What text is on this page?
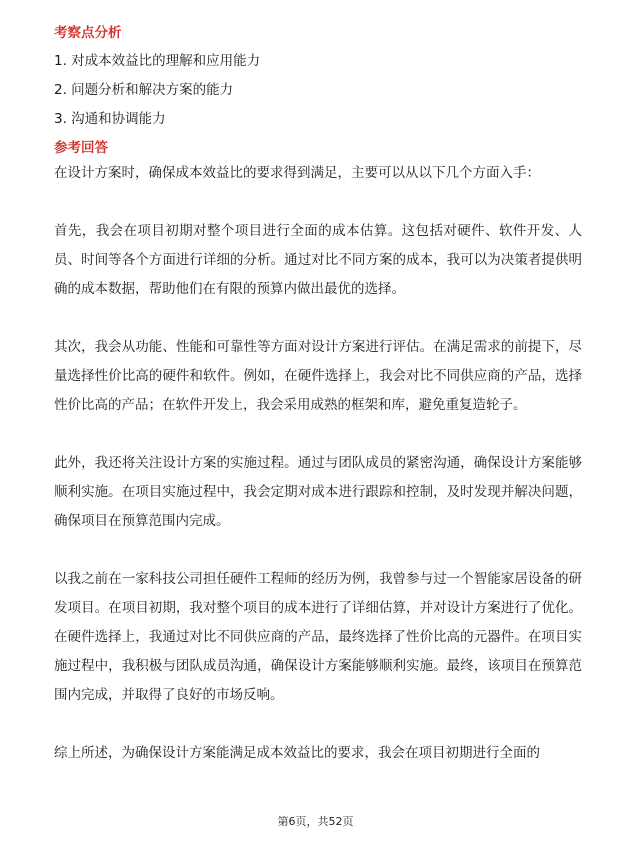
考察点分析
1. 对成本效益比的理解和应用能力
2. 问题分析和解决方案的能力
3. 沟通和协调能力
参考回答

在设计方案时，确保成本效益比的要求得到满足，主要可以从以下几个方面入手：

首先，我会在项目初期对整个项目进行全面的成本估算。这包括对硬件、软件开发、人员、时间等各个方面进行详细的分析。通过对比不同方案的成本，我可以为决策者提供明确的成本数据，帮助他们在有限的预算内做出最优的选择。

其次，我会从功能、性能和可靠性等方面对设计方案进行评估。在满足需求的前提下，尽量选择性价比高的硬件和软件。例如，在硬件选择上，我会对比不同供应商的产品，选择性价比高的产品；在软件开发上，我会采用成熟的框架和库，避免重复造轮子。

此外，我还将关注设计方案的实施过程。通过与团队成员的紧密沟通，确保设计方案能够顺利实施。在项目实施过程中，我会定期对成本进行跟踪和控制，及时发现并解决问题，确保项目在预算范围内完成。

以我之前在一家科技公司担任硬件工程师的经历为例，我曾参与过一个智能家居设备的研发项目。在项目初期，我对整个项目的成本进行了详细估算，并对设计方案进行了优化。在硬件选择上，我通过对比不同供应商的产品，最终选择了性价比高的元器件。在项目实施过程中，我积极与团队成员沟通，确保设计方案能够顺利实施。最终，该项目在预算范围内完成，并取得了良好的市场反响。

综上所述，为确保设计方案能满足成本效益比的要求，我会在项目初期进行全面的

第6页，共52页
